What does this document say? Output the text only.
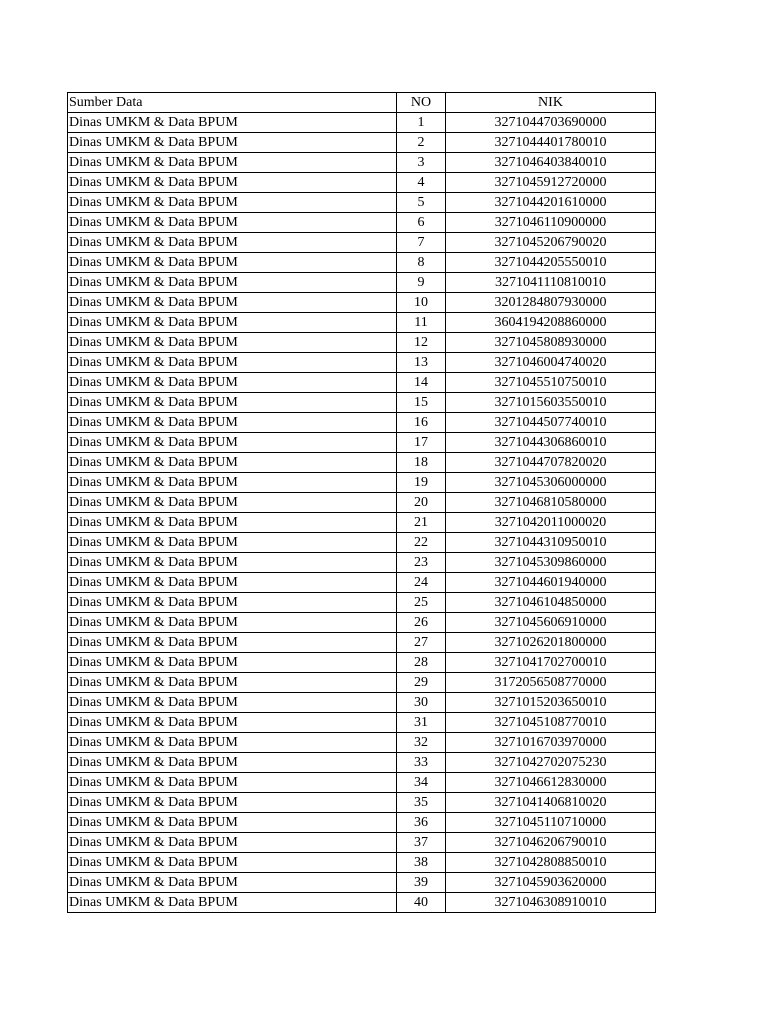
Sumber Data	NO	NIK
Dinas UMKM & Data BPUM	1	3271044703690000
Dinas UMKM & Data BPUM	2	3271044401780010
Dinas UMKM & Data BPUM	3	3271046403840010
Dinas UMKM & Data BPUM	4	3271045912720000
Dinas UMKM & Data BPUM	5	3271044201610000
Dinas UMKM & Data BPUM	6	3271046110900000
Dinas UMKM & Data BPUM	7	3271045206790020
Dinas UMKM & Data BPUM	8	3271044205550010
Dinas UMKM & Data BPUM	9	3271041110810010
Dinas UMKM & Data BPUM	10	3201284807930000
Dinas UMKM & Data BPUM	11	3604194208860000
Dinas UMKM & Data BPUM	12	3271045808930000
Dinas UMKM & Data BPUM	13	3271046004740020
Dinas UMKM & Data BPUM	14	3271045510750010
Dinas UMKM & Data BPUM	15	3271015603550010
Dinas UMKM & Data BPUM	16	3271044507740010
Dinas UMKM & Data BPUM	17	3271044306860010
Dinas UMKM & Data BPUM	18	3271044707820020
Dinas UMKM & Data BPUM	19	3271045306000000
Dinas UMKM & Data BPUM	20	3271046810580000
Dinas UMKM & Data BPUM	21	3271042011000020
Dinas UMKM & Data BPUM	22	3271044310950010
Dinas UMKM & Data BPUM	23	3271045309860000
Dinas UMKM & Data BPUM	24	3271044601940000
Dinas UMKM & Data BPUM	25	3271046104850000
Dinas UMKM & Data BPUM	26	3271045606910000
Dinas UMKM & Data BPUM	27	3271026201800000
Dinas UMKM & Data BPUM	28	3271041702700010
Dinas UMKM & Data BPUM	29	3172056508770000
Dinas UMKM & Data BPUM	30	3271015203650010
Dinas UMKM & Data BPUM	31	3271045108770010
Dinas UMKM & Data BPUM	32	3271016703970000
Dinas UMKM & Data BPUM	33	3271042702075230
Dinas UMKM & Data BPUM	34	3271046612830000
Dinas UMKM & Data BPUM	35	3271041406810020
Dinas UMKM & Data BPUM	36	3271045110710000
Dinas UMKM & Data BPUM	37	3271046206790010
Dinas UMKM & Data BPUM	38	3271042808850010
Dinas UMKM & Data BPUM	39	3271045903620000
Dinas UMKM & Data BPUM	40	3271046308910010
